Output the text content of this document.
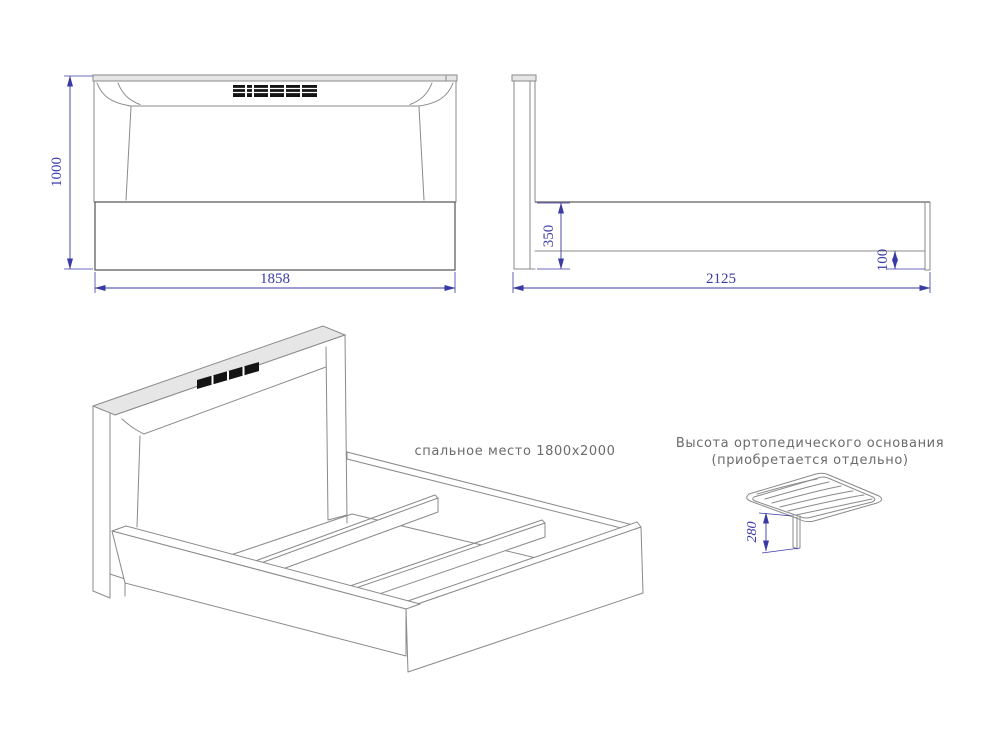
1000
1858
350
100
2125
спальное место 1800x2000
Высота ортопедического основания
(приобретается отдельно)
280
